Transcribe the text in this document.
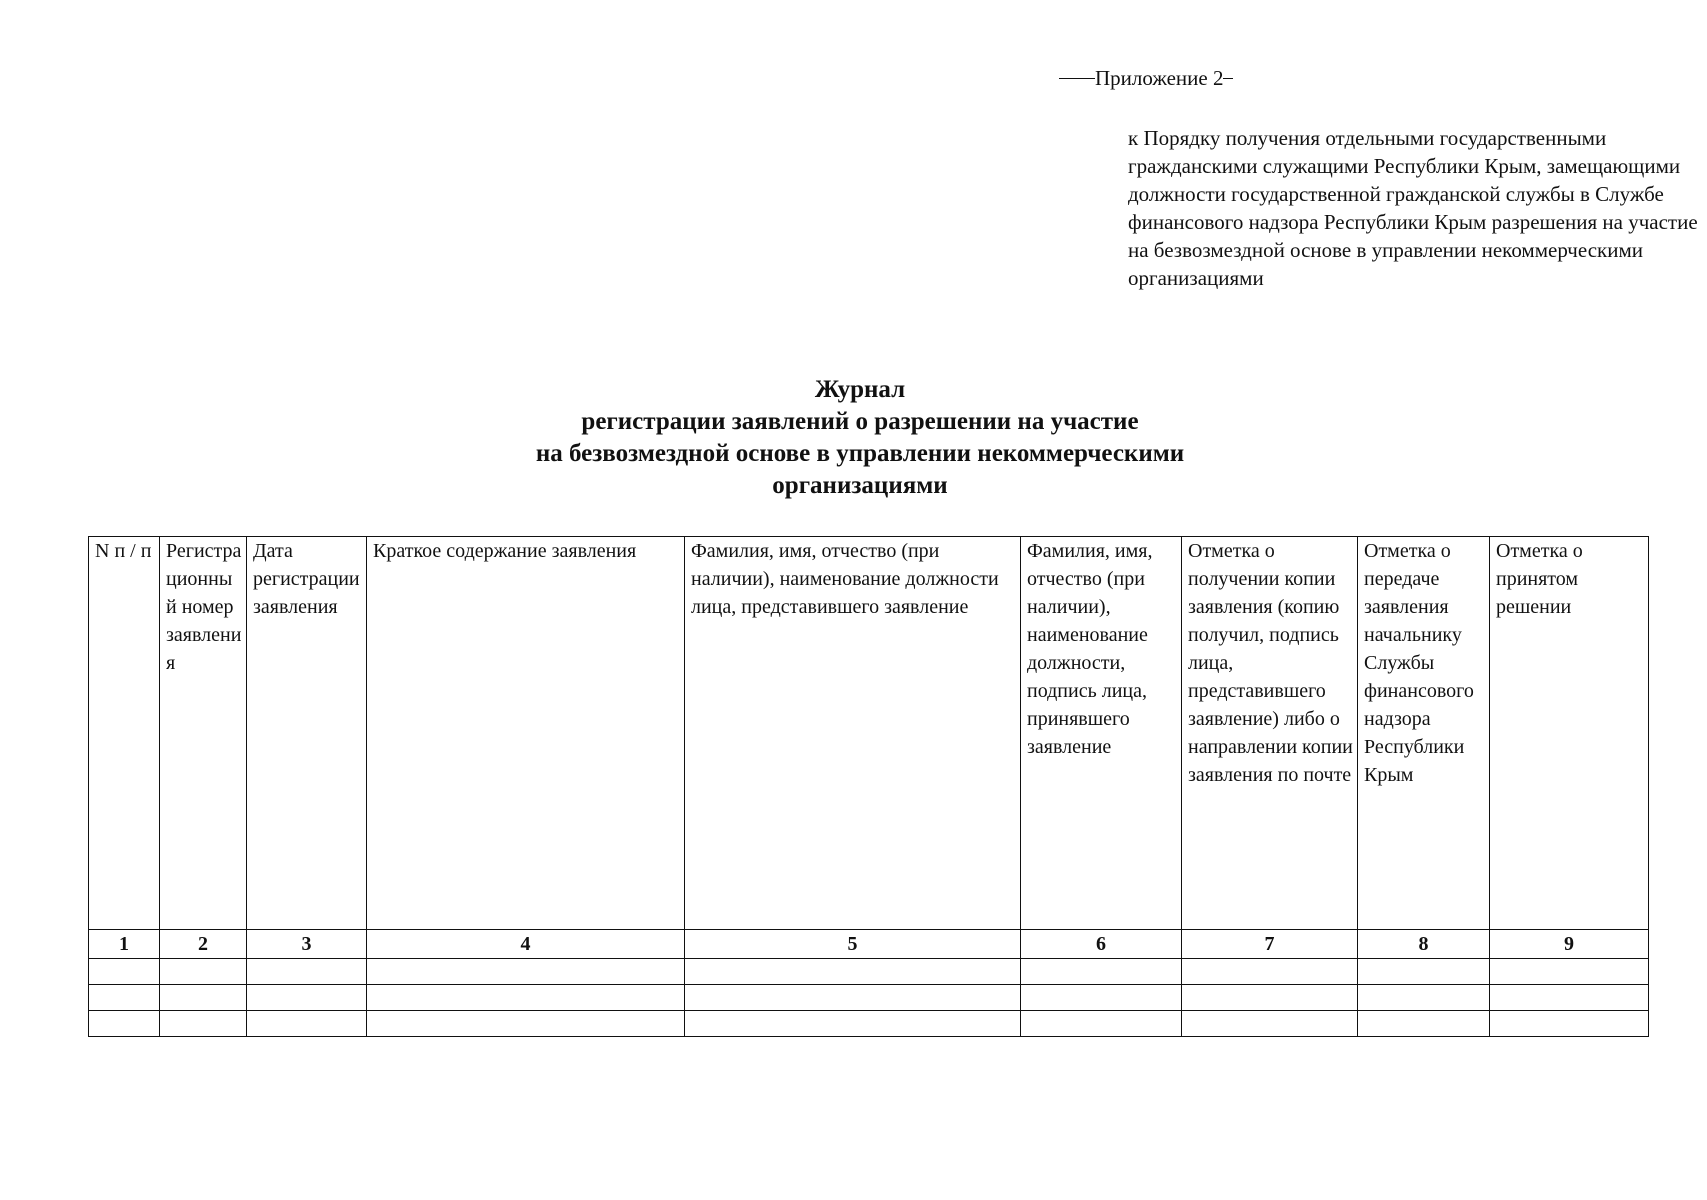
Приложение 2

к Порядку получения отдельными государственными гражданскими служащими Республики Крым, замещающими должности государственной гражданской службы в Службе финансового надзора Республики Крым разрешения на участие на безвозмездной основе в управлении некоммерческими организациями

Журнал
регистрации заявлений о разрешении на участие
на безвозмездной основе в управлении некоммерческими
организациями
N п / п	Регистрационный номер заявления	Дата регистрации заявления	Краткое содержание заявления	Фамилия, имя, отчество (при наличии), наименование должности лица, представившего заявление	Фамилия, имя, отчество (при наличии), наименование должности, подпись лица, принявшего заявление	Отметка о получении копии заявления (копию получил, подпись лица, представившего заявление) либо о направлении копии заявления по почте	Отметка о передаче заявления начальнику Службы финансового надзора Республики Крым	Отметка о принятом решении
1	2	3	4	5	6	7	8	9
